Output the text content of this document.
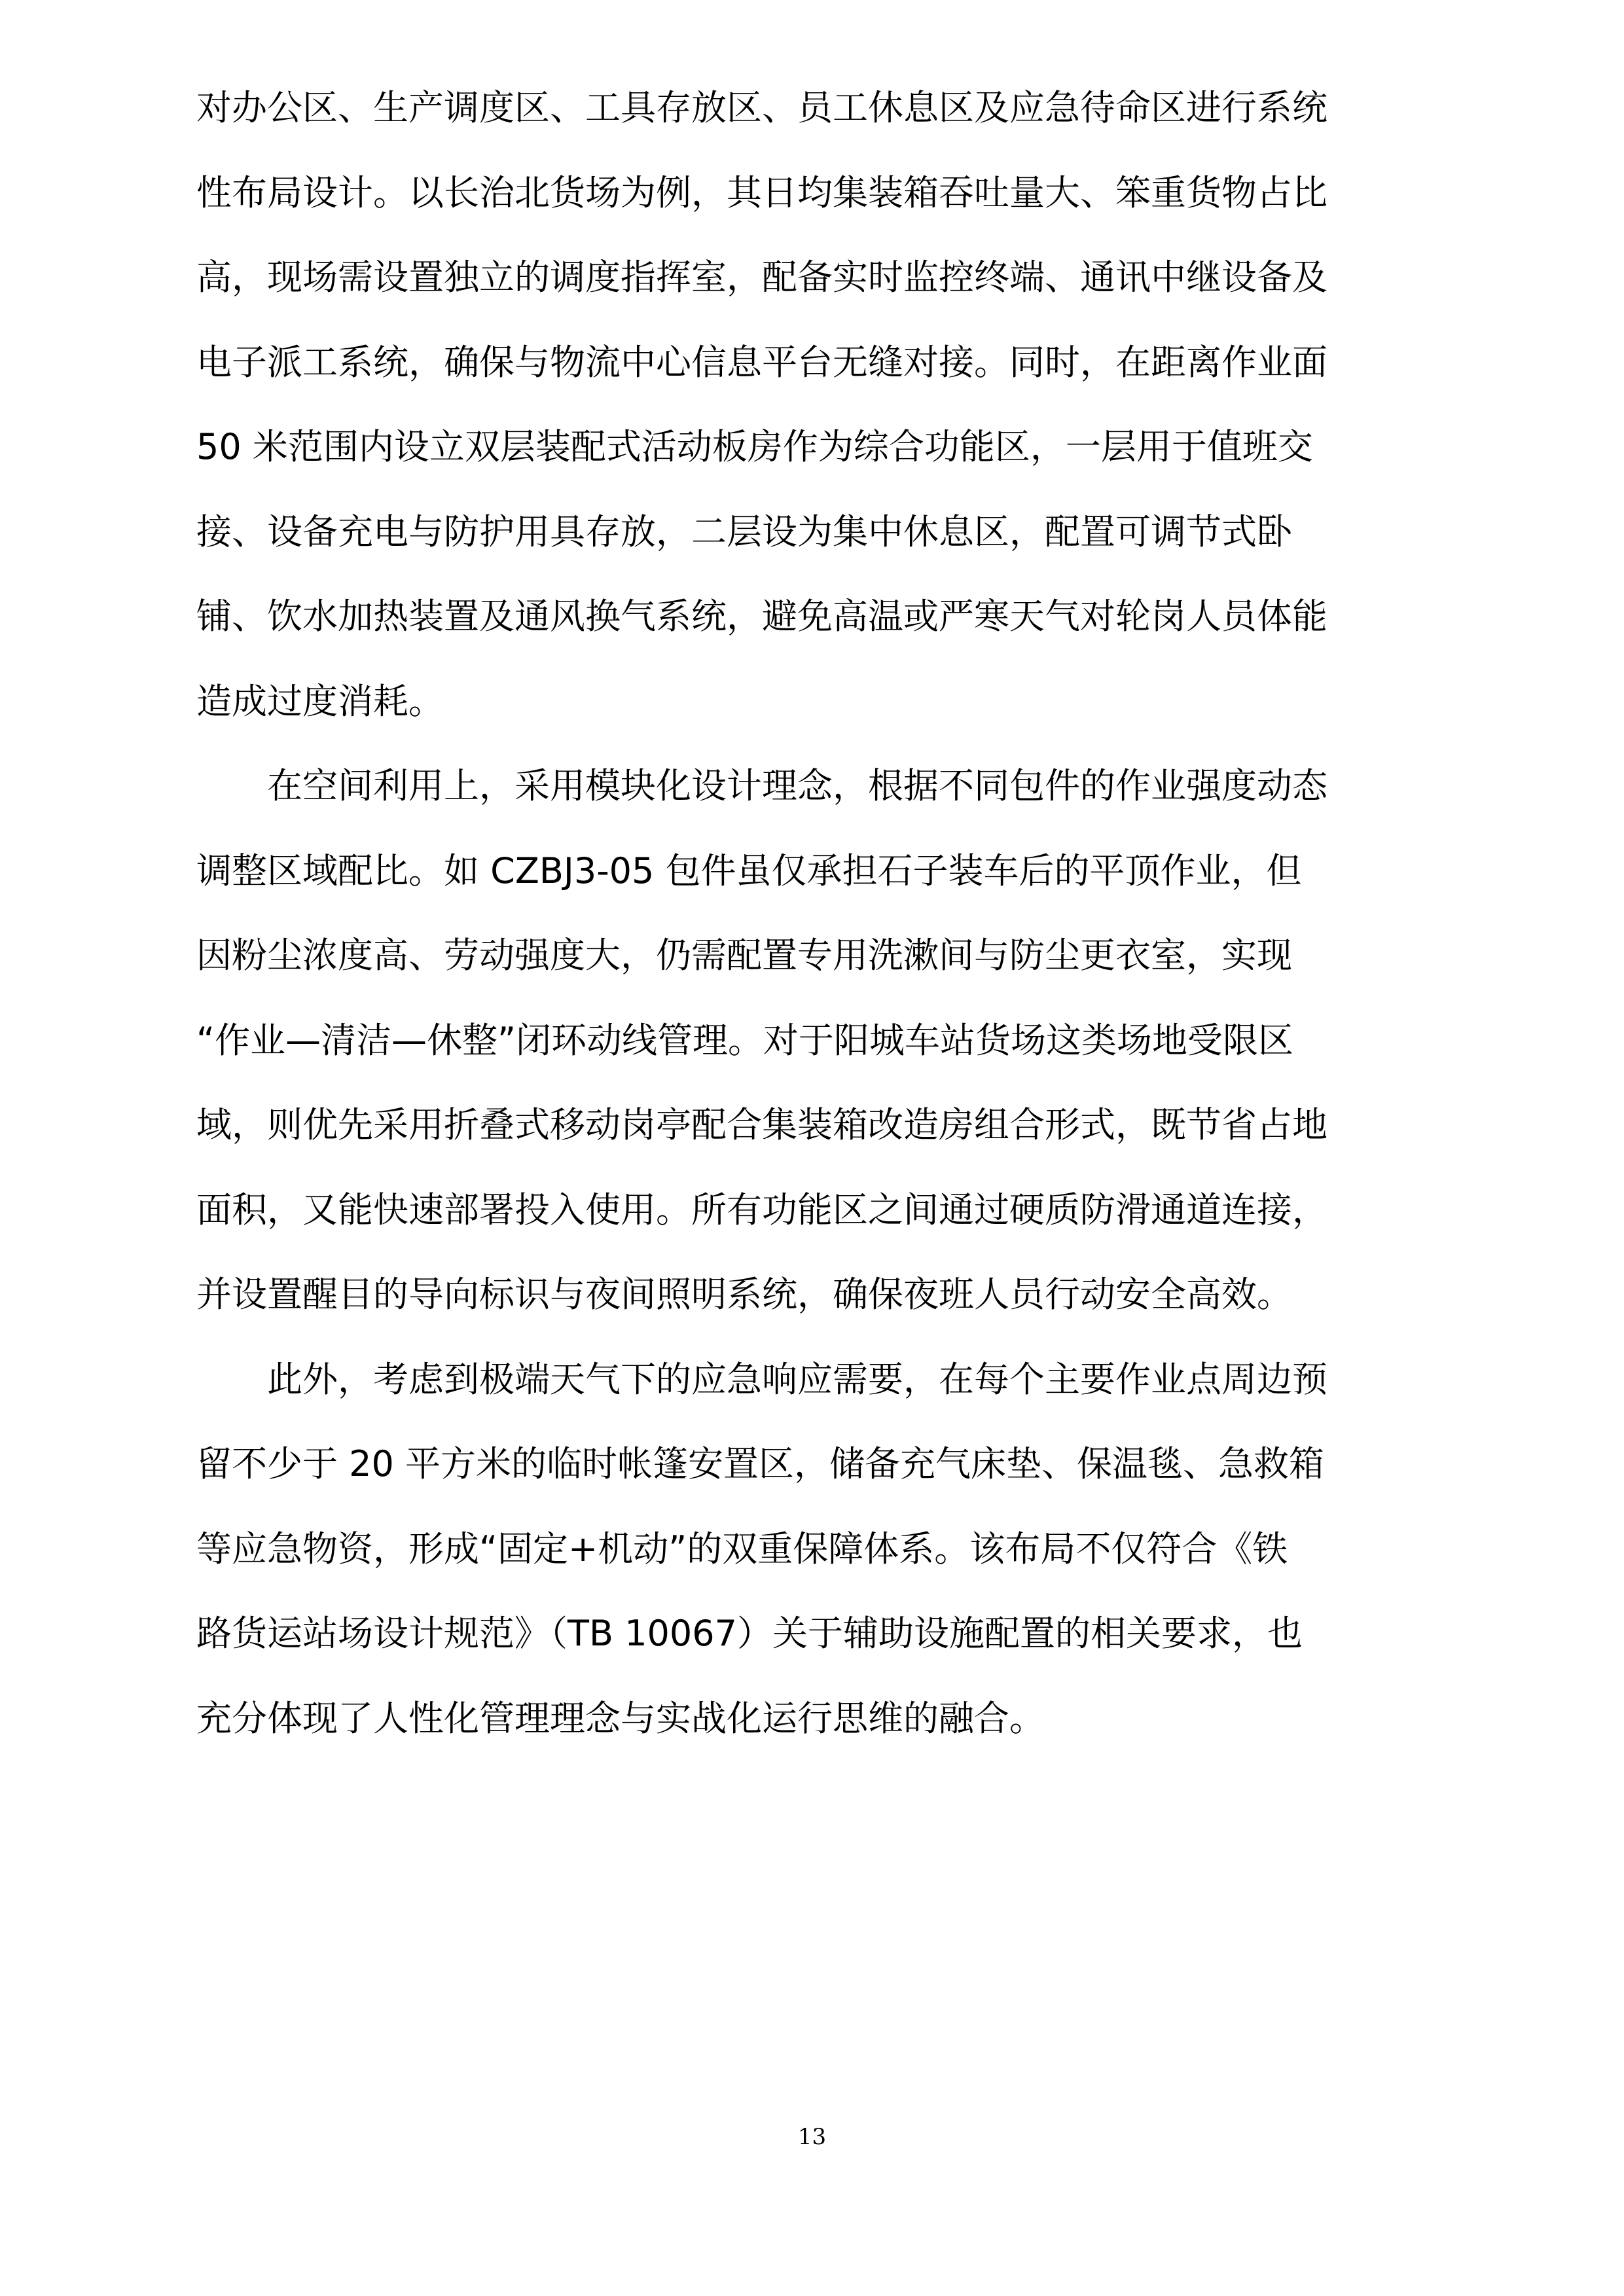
对办公区、生产调度区、工具存放区、员工休息区及应急待命区进行系统
性布局设计。以长治北货场为例，其日均集装箱吞吐量大、笨重货物占比
高，现场需设置独立的调度指挥室，配备实时监控终端、通讯中继设备及
电子派工系统，确保与物流中心信息平台无缝对接。同时，在距离作业面
50 米范围内设立双层装配式活动板房作为综合功能区，一层用于值班交
接、设备充电与防护用具存放，二层设为集中休息区，配置可调节式卧
铺、饮水加热装置及通风换气系统，避免高温或严寒天气对轮岗人员体能
造成过度消耗。
　　在空间利用上，采用模块化设计理念，根据不同包件的作业强度动态
调整区域配比。如 CZBJ3-05 包件虽仅承担石子装车后的平顶作业，但
因粉尘浓度高、劳动强度大，仍需配置专用洗漱间与防尘更衣室，实现
“作业—清洁—休整”闭环动线管理。对于阳城车站货场这类场地受限区
域，则优先采用折叠式移动岗亭配合集装箱改造房组合形式，既节省占地
面积，又能快速部署投入使用。所有功能区之间通过硬质防滑通道连接，
并设置醒目的导向标识与夜间照明系统，确保夜班人员行动安全高效。
　　此外，考虑到极端天气下的应急响应需要，在每个主要作业点周边预
留不少于 20 平方米的临时帐篷安置区，储备充气床垫、保温毯、急救箱
等应急物资，形成“固定+机动”的双重保障体系。该布局不仅符合《铁
路货运站场设计规范》（TB 10067）关于辅助设施配置的相关要求，也
充分体现了人性化管理理念与实战化运行思维的融合。
13
